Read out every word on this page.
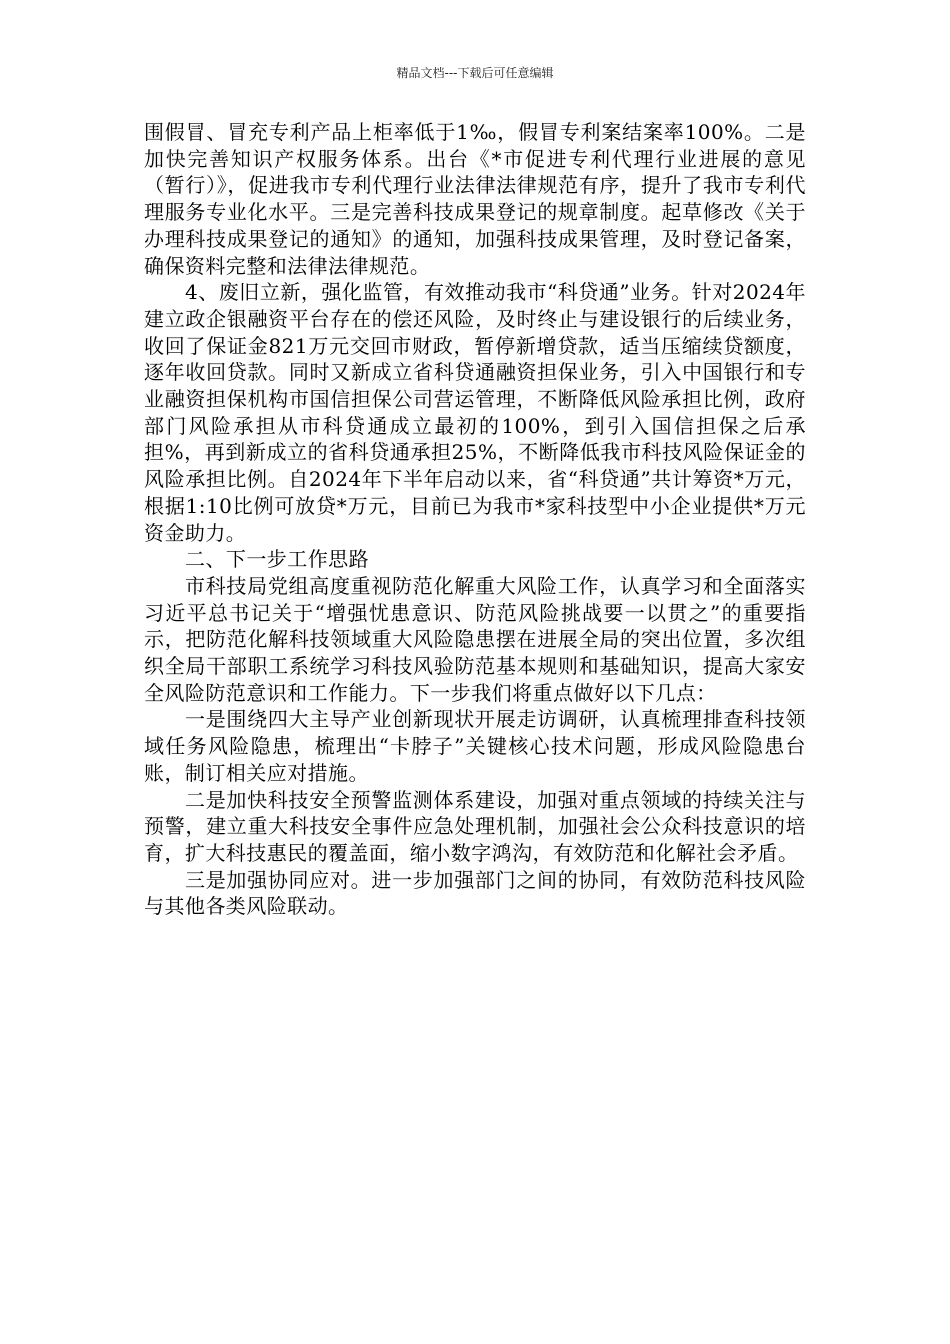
精品文档---下载后可任意编辑

围假冒、冒充专利产品上柜率低于1‰，假冒专利案结案率100%。二是加快完善知识产权服务体系。出台《*市促进专利代理行业进展的意见（暂行）》，促进我市专利代理行业法律法律规范有序，提升了我市专利代理服务专业化水平。三是完善科技成果登记的规章制度。起草修改《关于办理科技成果登记的通知》的通知，加强科技成果管理，及时登记备案，确保资料完整和法律法律规范。

4、废旧立新，强化监管，有效推动我市“科贷通”业务。针对2024年建立政企银融资平台存在的偿还风险，及时终止与建设银行的后续业务，收回了保证金821万元交回市财政，暂停新增贷款，适当压缩续贷额度，逐年收回贷款。同时又新成立省科贷通融资担保业务，引入中国银行和专业融资担保机构市国信担保公司营运管理，不断降低风险承担比例，政府部门风险承担从市科贷通成立最初的100%，到引入国信担保之后承担%，再到新成立的省科贷通承担25%，不断降低我市科技风险保证金的风险承担比例。自2024年下半年启动以来，省“科贷通”共计筹资*万元，根据1:10比例可放贷*万元，目前已为我市*家科技型中小企业提供*万元资金助力。

二、下一步工作思路

市科技局党组高度重视防范化解重大风险工作，认真学习和全面落实习近平总书记关于“增强忧患意识、防范风险挑战要一以贯之”的重要指示，把防范化解科技领域重大风险隐患摆在进展全局的突出位置，多次组织全局干部职工系统学习科技风验防范基本规则和基础知识，提高大家安全风险防范意识和工作能力。下一步我们将重点做好以下几点：

一是围绕四大主导产业创新现状开展走访调研，认真梳理排查科技领域任务风险隐患，梳理出“卡脖子”关键核心技术问题，形成风险隐患台账，制订相关应对措施。

二是加快科技安全预警监测体系建设，加强对重点领域的持续关注与预警，建立重大科技安全事件应急处理机制，加强社会公众科技意识的培育，扩大科技惠民的覆盖面，缩小数字鸿沟，有效防范和化解社会矛盾。

三是加强协同应对。进一步加强部门之间的协同，有效防范科技风险与其他各类风险联动。
